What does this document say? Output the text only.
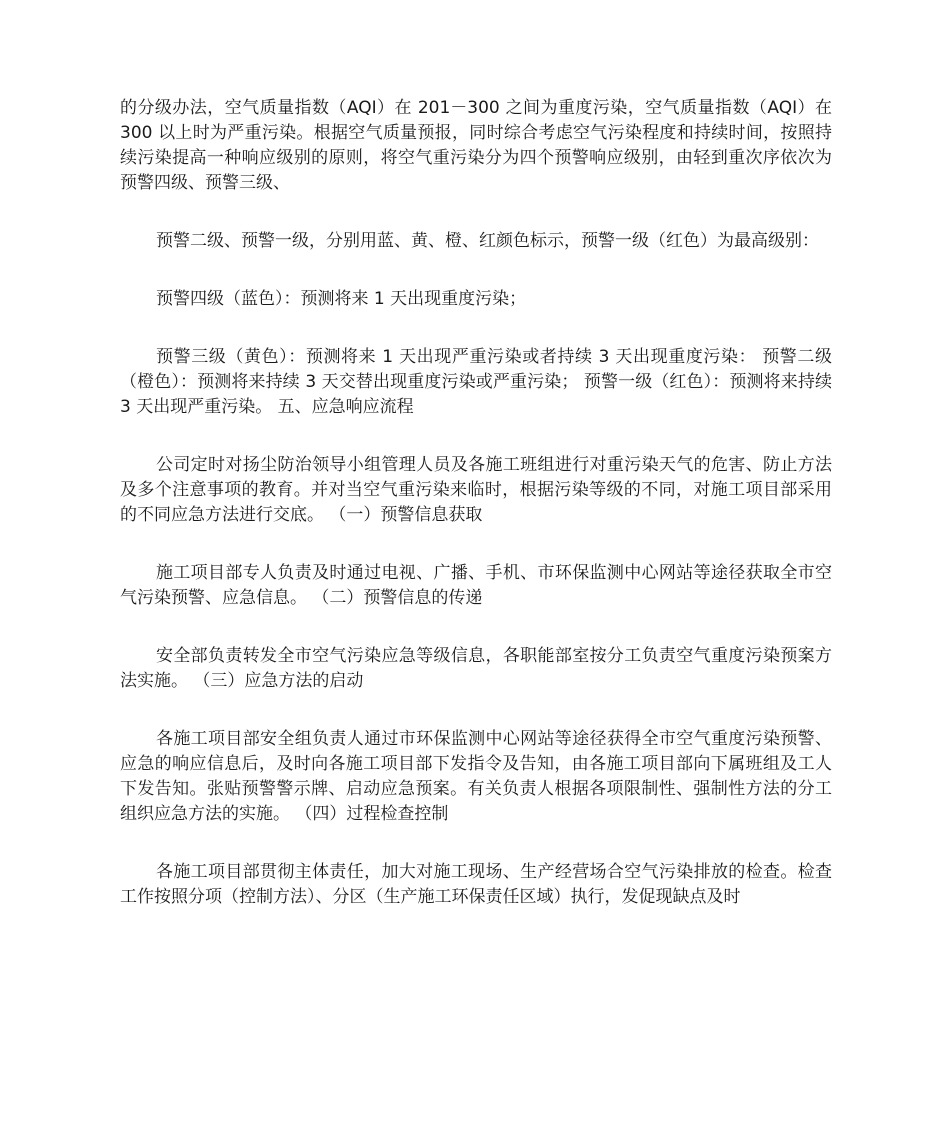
的分级办法，空气质量指数（AQI）在 201－300 之间为重度污染，空气质量指数（AQI）在 300 以上时为严重污染。根据空气质量预报，同时综合考虑空气污染程度和持续时间，按照持续污染提高一种响应级别的原则，将空气重污染分为四个预警响应级别，由轻到重次序依次为预警四级、预警三级、

预警二级、预警一级，分别用蓝、黄、橙、红颜色标示，预警一级（红色）为最高级别：

预警四级（蓝色）：预测将来 1 天出现重度污染；

预警三级（黄色）：预测将来 1 天出现严重污染或者持续 3 天出现重度污染： 预警二级（橙色）：预测将来持续 3 天交替出现重度污染或严重污染； 预警一级（红色）：预测将来持续 3 天出现严重污染。 五、应急响应流程

公司定时对扬尘防治领导小组管理人员及各施工班组进行对重污染天气的危害、防止方法及多个注意事项的教育。并对当空气重污染来临时，根据污染等级的不同，对施工项目部采用的不同应急方法进行交底。 （一）预警信息获取

施工项目部专人负责及时通过电视、广播、手机、市环保监测中心网站等途径获取全市空气污染预警、应急信息。 （二）预警信息的传递

安全部负责转发全市空气污染应急等级信息，各职能部室按分工负责空气重度污染预案方法实施。 （三）应急方法的启动

各施工项目部安全组负责人通过市环保监测中心网站等途径获得全市空气重度污染预警、应急的响应信息后，及时向各施工项目部下发指令及告知，由各施工项目部向下属班组及工人下发告知。张贴预警警示牌、启动应急预案。有关负责人根据各项限制性、强制性方法的分工组织应急方法的实施。 （四）过程检查控制

各施工项目部贯彻主体责任，加大对施工现场、生产经营场合空气污染排放的检查。检查工作按照分项（控制方法）、分区（生产施工环保责任区域）执行，发促现缺点及时
